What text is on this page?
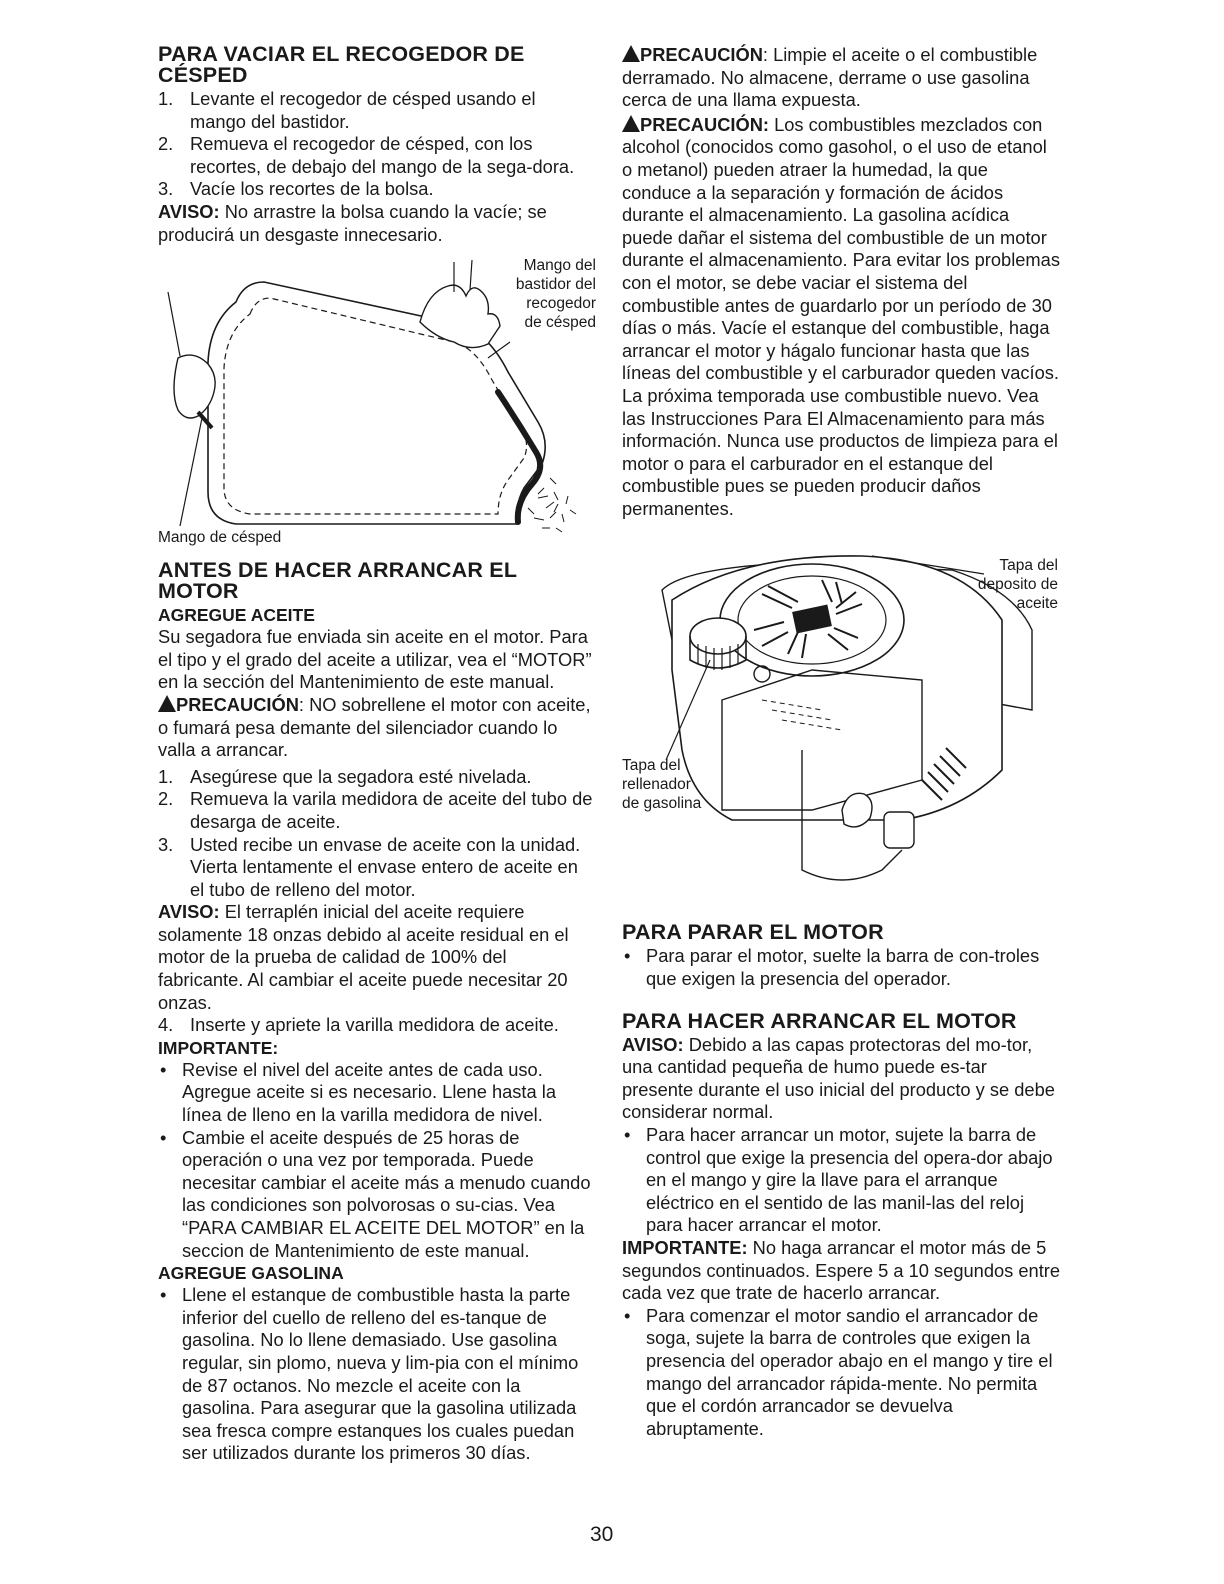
PARA VACIAR EL RECOGEDOR DE CÉSPED
1. Levante el recogedor de césped usando el mango del bastidor.
2. Remueva el recogedor de césped, con los recortes, de debajo del mango de la sega-dora.
3. Vacíe los recortes de la bolsa.

AVISO: No arrastre la bolsa cuando la vacíe; se producirá un desgaste innecesario.

Mango del bastidor del recogedor de césped
Mango de césped
ANTES DE HACER ARRANCAR EL MOTOR
AGREGUE ACEITE

Su segadora fue enviada sin aceite en el motor. Para el tipo y el grado del aceite a utilizar, vea el “MOTOR” en la sección del Mantenimiento de este manual.

PRECAUCIÓN: NO sobrellene el motor con aceite, o fumará pesa demante del silenciador cuando lo valla a arrancar.

1. Asegúrese que la segadora esté nivelada.
2. Remueva la varila medidora de aceite del tubo de desarga de aceite.
3. Usted recibe un envase de aceite con la unidad. Vierta lentamente el envase entero de aceite en el tubo de relleno del motor.

AVISO: El terraplén inicial del aceite requiere solamente 18 onzas debido al aceite residual en el motor de la prueba de calidad de 100% del fabricante. Al cambiar el aceite puede necesitar 20 onzas.

4. Inserte y apriete la varilla medidora de aceite.
IMPORTANTE:
• Revise el nivel del aceite antes de cada uso. Agregue aceite si es necesario. Llene hasta la línea de lleno en la varilla medidora de nivel.
• Cambie el aceite después de 25 horas de operación o una vez por temporada. Puede necesitar cambiar el aceite más a menudo cuando las condiciones son polvorosas o su-cias. Vea “PARA CAMBIAR EL ACEITE DEL MOTOR” en la seccion de Mantenimiento de este manual.
AGREGUE GASOLINA
• Llene el estanque de combustible hasta la parte inferior del cuello de relleno del es-tanque de gasolina. No lo llene demasiado. Use gasolina regular, sin plomo, nueva y lim-pia con el mínimo de 87 octanos. No mezcle el aceite con la gasolina. Para asegurar que la gasolina utilizada sea fresca compre estanques los cuales puedan ser utilizados durante los primeros 30 días.

PRECAUCIÓN: Limpie el aceite o el combustible derramado. No almacene, derrame o use gasolina cerca de una llama expuesta.

PRECAUCIÓN: Los combustibles mezclados con alcohol (conocidos como gasohol, o el uso de etanol o metanol) pueden atraer la humedad, la que conduce a la separación y formación de ácidos durante el almacenamiento. La gasolina acídica puede dañar el sistema del combustible de un motor durante el almacenamiento. Para evitar los problemas con el motor, se debe vaciar el sistema del combustible antes de guardarlo por un período de 30 días o más. Vacíe el estanque del combustible, haga arrancar el motor y hágalo funcionar hasta que las líneas del combustible y el carburador queden vacíos. La próxima temporada use combustible nuevo. Vea las Instrucciones Para El Almacenamiento para más información. Nunca use productos de limpieza para el motor o para el carburador en el estanque del combustible pues se pueden producir daños permanentes.

Tapa del deposito de aceite
Tapa del rellenador de gasolina
PARA PARAR EL MOTOR
• Para parar el motor, suelte la barra de con-troles que exigen la presencia del operador.
PARA HACER ARRANCAR EL MOTOR

AVISO: Debido a las capas protectoras del mo-tor, una cantidad pequeña de humo puede es-tar presente durante el uso inicial del producto y se debe considerar normal.

• Para hacer arrancar un motor, sujete la barra de control que exige la presencia del opera-dor abajo en el mango y gire la llave para el arranque eléctrico en el sentido de las manil-las del reloj para hacer arrancar el motor.

IMPORTANTE: No haga arrancar el motor más de 5 segundos continuados. Espere 5 a 10 segundos entre cada vez que trate de hacerlo arrancar.

• Para comenzar el motor sandio el arrancador de soga, sujete la barra de controles que exigen la presencia del operador abajo en el mango y tire el mango del arrancador rápida-mente. No permita que el cordón arrancador se devuelva abruptamente.
30
